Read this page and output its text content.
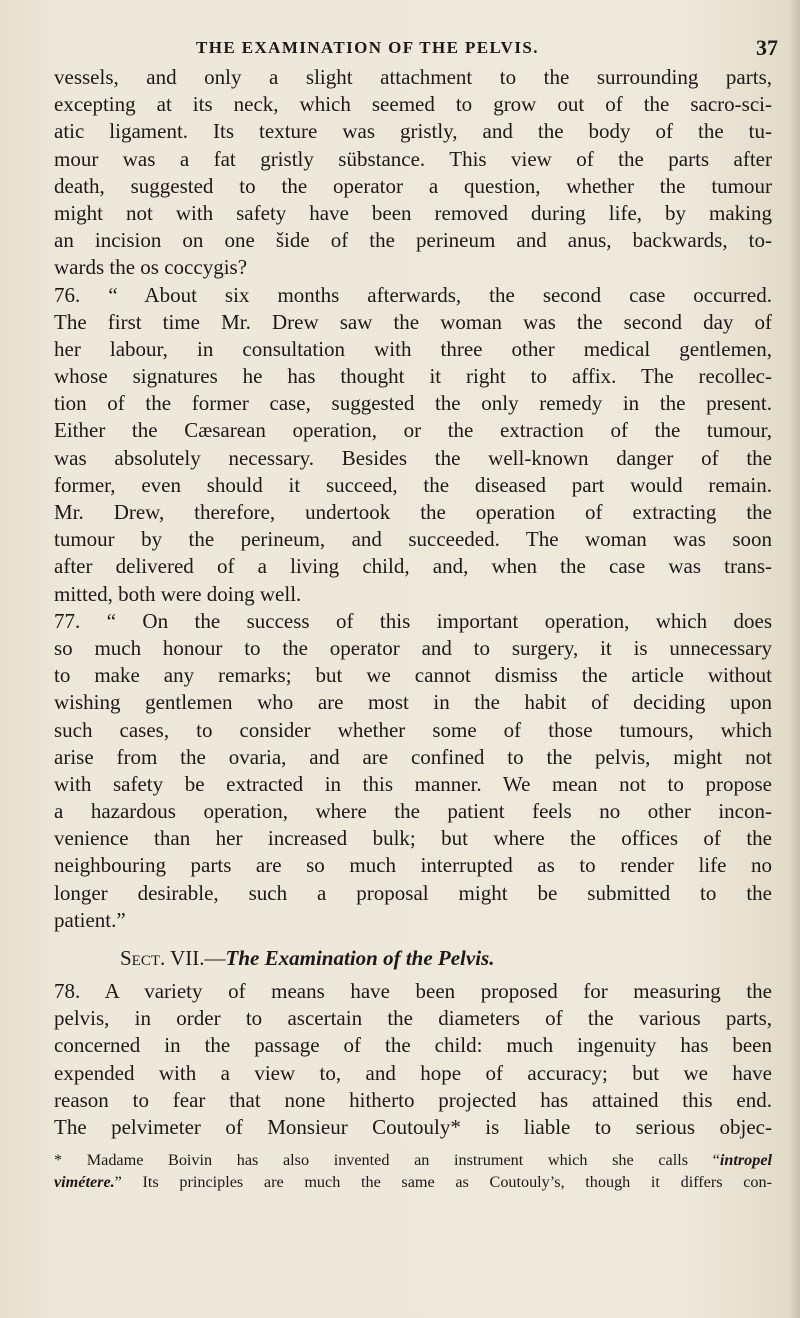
THE EXAMINATION OF THE PELVIS.	37
vessels, and only a slight attachment to the surrounding parts,
excepting at its neck, which seemed to grow out of the sacro-sci-
atic ligament. Its texture was gristly, and the body of the tu-
mour was a fat gristly sübstance. This view of the parts after
death, suggested to the operator a question, whether the tumour
might not with safety have been removed during life, by making
an incision on one šide of the perineum and anus, backwards, to-
wards the os coccygis?
76. “ About six months afterwards, the second case occurred.
The first time Mr. Drew saw the woman was the second day of
her labour, in consultation with three other medical gentlemen,
whose signatures he has thought it right to affix. The recollec-
tion of the former case, suggested the only remedy in the present.
Either the Cæsarean operation, or the extraction of the tumour,
was absolutely necessary. Besides the well-known danger of the
former, even should it succeed, the diseased part would remain.
Mr. Drew, therefore, undertook the operation of extracting the
tumour by the perineum, and succeeded. The woman was soon
after delivered of a living child, and, when the case was trans-
mitted, both were doing well.
77. “ On the success of this important operation, which does
so much honour to the operator and to surgery, it is unnecessary
to make any remarks; but we cannot dismiss the article without
wishing gentlemen who are most in the habit of deciding upon
such cases, to consider whether some of those tumours, which
arise from the ovaria, and are confined to the pelvis, might not
with safety be extracted in this manner. We mean not to propose
a hazardous operation, where the patient feels no other incon-
venience than her increased bulk; but where the offices of the
neighbouring parts are so much interrupted as to render life no
longer desirable, such a proposal might be submitted to the
patient.”
Sect. VII.—The Examination of the Pelvis.
78. A variety of means have been proposed for measuring the
pelvis, in order to ascertain the diameters of the various parts,
concerned in the passage of the child: much ingenuity has been
expended with a view to, and hope of accuracy; but we have
reason to fear that none hitherto projected has attained this end.
The pelvimeter of Monsieur Coutouly* is liable to serious objec-
* Madame Boivin has also invented an instrument which she calls “intropel
vimétere.” Its principles are much the same as Coutouly’s, though it differs con-
